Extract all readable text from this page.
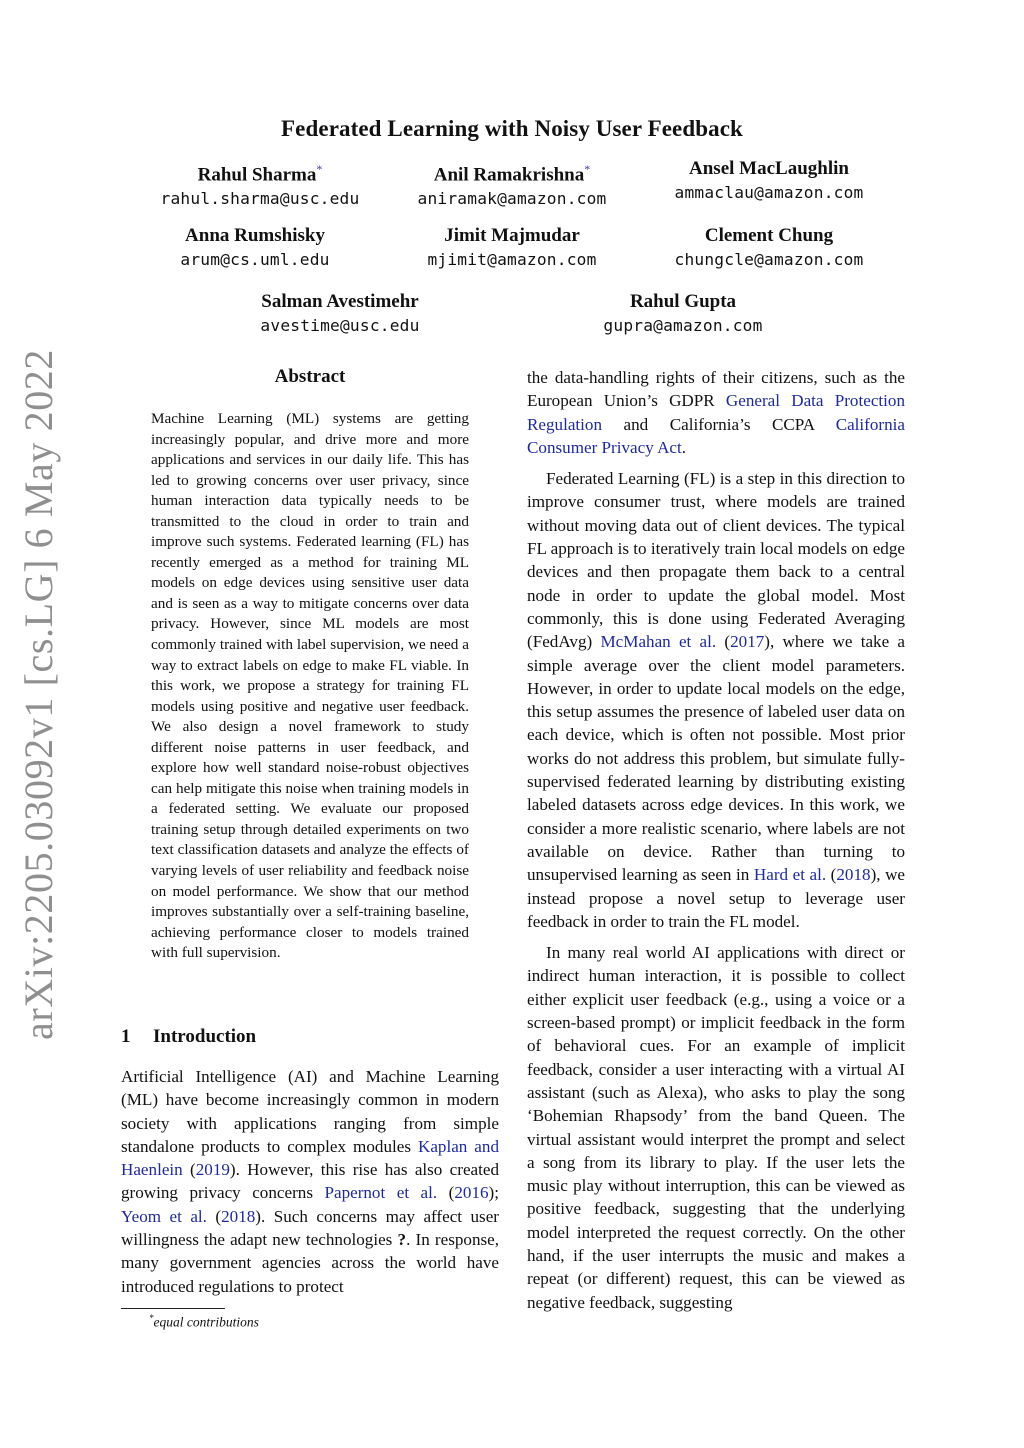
arXiv:2205.03092v1 [cs.LG] 6 May 2022
Federated Learning with Noisy User Feedback
Rahul Sharma*
rahul.sharma@usc.edu
Anil Ramakrishna*
aniramak@amazon.com
Ansel MacLaughlin
ammaclau@amazon.com
Anna Rumshisky
arum@cs.uml.edu
Jimit Majmudar
mjimit@amazon.com
Clement Chung
chungcle@amazon.com
Salman Avestimehr
avestime@usc.edu
Rahul Gupta
gupra@amazon.com
Abstract
Machine Learning (ML) systems are getting increasingly popular, and drive more and more applications and services in our daily life. This has led to growing concerns over user privacy, since human interaction data typically needs to be transmitted to the cloud in order to train and improve such systems. Federated learning (FL) has recently emerged as a method for training ML models on edge devices using sensitive user data and is seen as a way to mitigate concerns over data privacy. However, since ML models are most commonly trained with label supervision, we need a way to extract labels on edge to make FL viable. In this work, we propose a strategy for training FL models using positive and negative user feedback. We also design a novel framework to study different noise patterns in user feedback, and explore how well standard noise-robust objectives can help mitigate this noise when training models in a federated setting. We evaluate our proposed training setup through detailed experiments on two text classification datasets and analyze the effects of varying levels of user reliability and feedback noise on model performance. We show that our method improves substantially over a self-training baseline, achieving performance closer to models trained with full supervision.
1 Introduction

Artificial Intelligence (AI) and Machine Learning (ML) have become increasingly common in modern society with applications ranging from simple standalone products to complex modules Kaplan and Haenlein (2019). However, this rise has also created growing privacy concerns Papernot et al. (2016); Yeom et al. (2018). Such concerns may affect user willingness the adapt new technologies ?. In response, many government agencies across the world have introduced regulations to protect

the data-handling rights of their citizens, such as the European Union’s GDPR General Data Protection Regulation and California’s CCPA California Consumer Privacy Act.

Federated Learning (FL) is a step in this direction to improve consumer trust, where models are trained without moving data out of client devices. The typical FL approach is to iteratively train local models on edge devices and then propagate them back to a central node in order to update the global model. Most commonly, this is done using Federated Averaging (FedAvg) McMahan et al. (2017), where we take a simple average over the client model parameters. However, in order to update local models on the edge, this setup assumes the presence of labeled user data on each device, which is often not possible. Most prior works do not address this problem, but simulate fully-supervised federated learning by distributing existing labeled datasets across edge devices. In this work, we consider a more realistic scenario, where labels are not available on device. Rather than turning to unsupervised learning as seen in Hard et al. (2018), we instead propose a novel setup to leverage user feedback in order to train the FL model.

In many real world AI applications with direct or indirect human interaction, it is possible to collect either explicit user feedback (e.g., using a voice or a screen-based prompt) or implicit feedback in the form of behavioral cues. For an example of implicit feedback, consider a user interacting with a virtual AI assistant (such as Alexa), who asks to play the song ‘Bohemian Rhapsody’ from the band Queen. The virtual assistant would interpret the prompt and select a song from its library to play. If the user lets the music play without interruption, this can be viewed as positive feedback, suggesting that the underlying model interpreted the request correctly. On the other hand, if the user interrupts the music and makes a repeat (or different) request, this can be viewed as negative feedback, suggesting

*equal contributions
